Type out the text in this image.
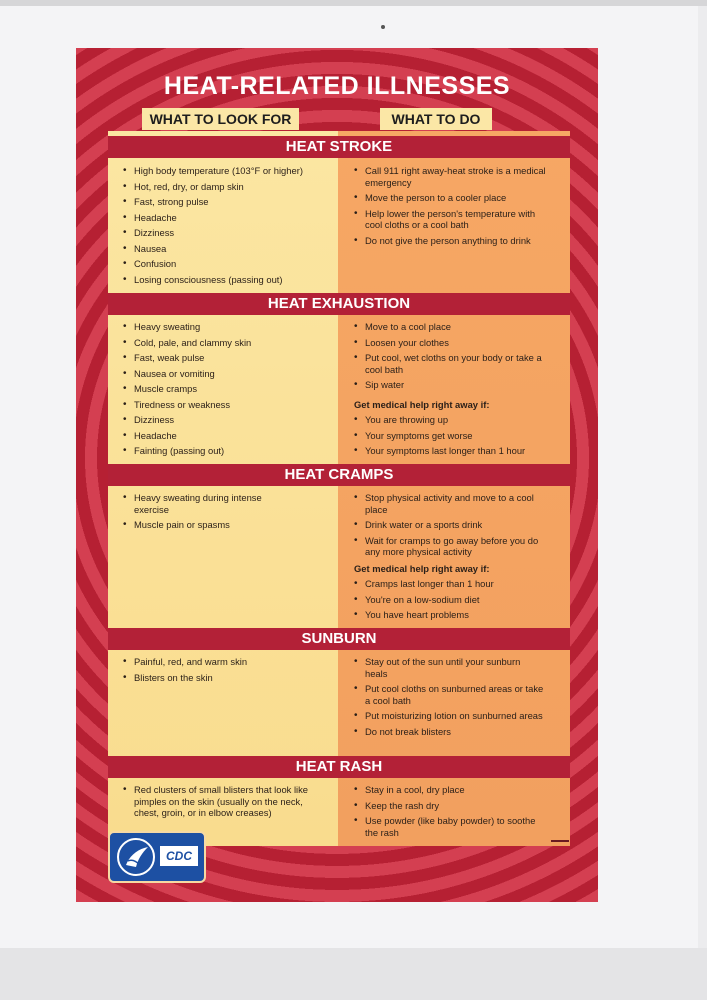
HEAT-RELATED ILLNESSES
WHAT TO LOOK FOR	WHAT TO DO
HEAT STROKE
• High body temperature (103°F or higher)
• Hot, red, dry, or damp skin
• Fast, strong pulse
• Headache
• Dizziness
• Nausea
• Confusion
• Losing consciousness (passing out)
• Call 911 right away-heat stroke is a medical emergency
• Move the person to a cooler place
• Help lower the person's temperature with cool cloths or a cool bath
• Do not give the person anything to drink
HEAT EXHAUSTION
• Heavy sweating
• Cold, pale, and clammy skin
• Fast, weak pulse
• Nausea or vomiting
• Muscle cramps
• Tiredness or weakness
• Dizziness
• Headache
• Fainting (passing out)
• Move to a cool place
• Loosen your clothes
• Put cool, wet cloths on your body or take a cool bath
• Sip water
Get medical help right away if:
• You are throwing up
• Your symptoms get worse
• Your symptoms last longer than 1 hour
HEAT CRAMPS
• Heavy sweating during intense exercise
• Muscle pain or spasms
• Stop physical activity and move to a cool place
• Drink water or a sports drink
• Wait for cramps to go away before you do any more physical activity
Get medical help right away if:
• Cramps last longer than 1 hour
• You're on a low-sodium diet
• You have heart problems
SUNBURN
• Painful, red, and warm skin
• Blisters on the skin
• Stay out of the sun until your sunburn heals
• Put cool cloths on sunburned areas or take a cool bath
• Put moisturizing lotion on sunburned areas
• Do not break blisters
HEAT RASH
• Red clusters of small blisters that look like pimples on the skin (usually on the neck, chest, groin, or in elbow creases)
• Stay in a cool, dry place
• Keep the rash dry
• Use powder (like baby powder) to soothe the rash
CDC
